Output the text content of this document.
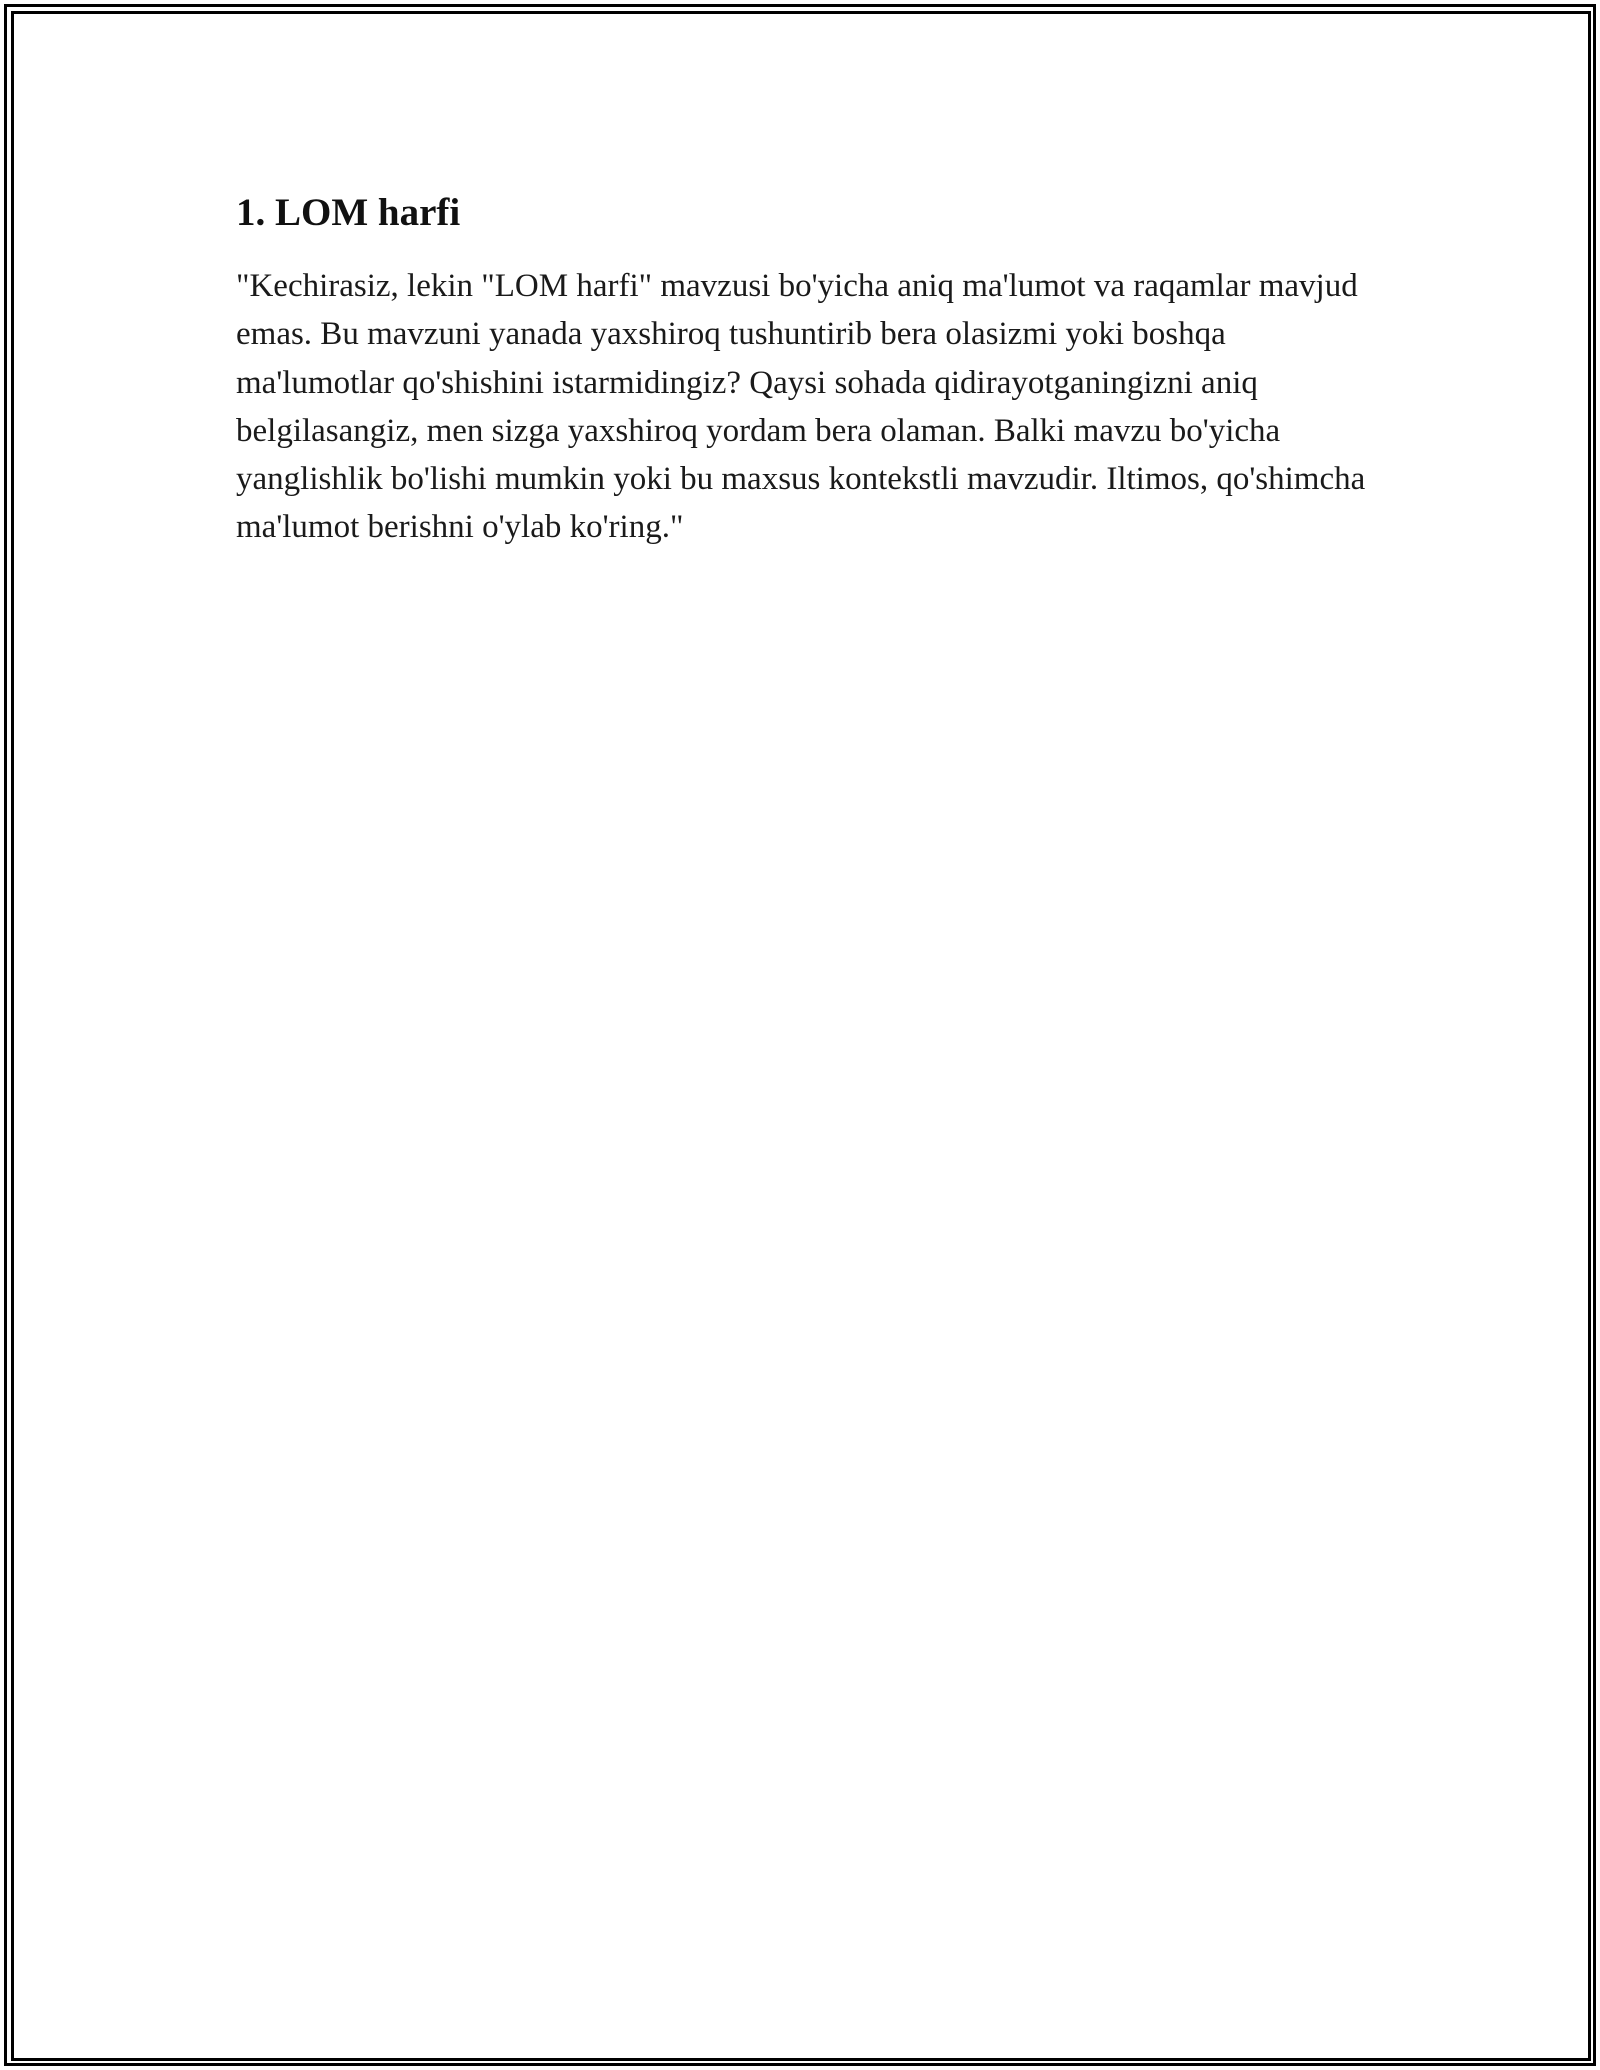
1. LOM harfi

"Kechirasiz, lekin "LOM harfi" mavzusi bo'yicha aniq ma'lumot va raqamlar mavjud emas. Bu mavzuni yanada yaxshiroq tushuntirib bera olasizmi yoki boshqa ma'lumotlar qo'shishini istarmidingiz? Qaysi sohada qidirayotganingizni aniq belgilasangiz, men sizga yaxshiroq yordam bera olaman. Balki mavzu bo'yicha yanglishlik bo'lishi mumkin yoki bu maxsus kontekstli mavzudir. Iltimos, qo'shimcha ma'lumot berishni o'ylab ko'ring."
